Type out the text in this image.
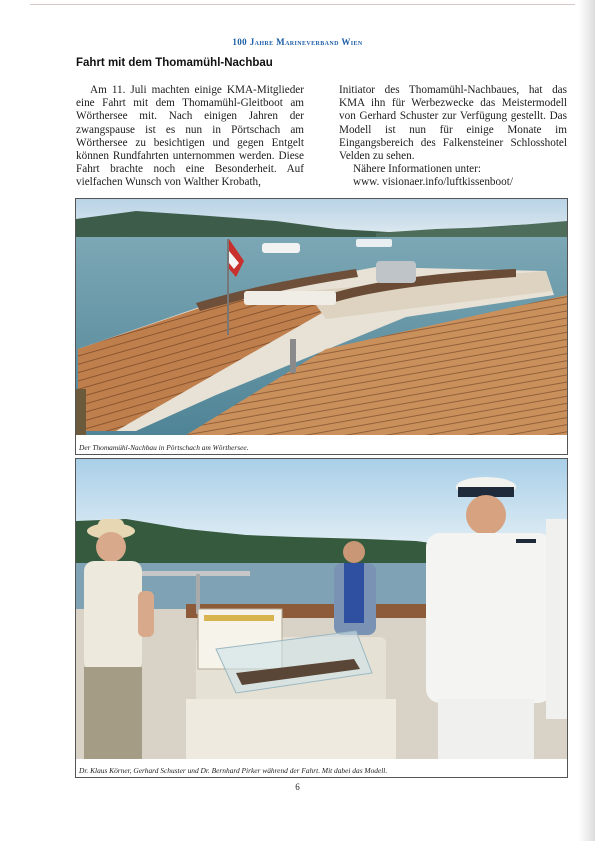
100 Jahre Marineverband Wien
Fahrt mit dem Thomamühl-Nachbau

Am 11. Juli machten einige KMA-Mitglieder eine Fahrt mit dem Thomamühl-Gleitboot am Wörthersee mit. Nach einigen Jahren der zwangspause ist es nun in Pörtschach am Wörthersee zu besichtigen und gegen Entgelt können Rundfahrten unternommen werden. Diese Fahrt brachte noch eine Besonderheit. Auf vielfachen Wunsch von Walther Krobath,

Initiator des Thomamühl-Nachbaues, hat das KMA ihn für Werbezwecke das Meistermodell von Gerhard Schuster zur Verfügung gestellt. Das Modell ist nun für einige Monate im Eingangsbereich des Falkensteiner Schlosshotel Velden zu sehen.

Nähere Informationen unter:

www. visionaer.info/luftkissenboot/

Der Thomamühl-Nachbau in Pörtschach am Wörthersee.
Dr. Klaus Körner, Gerhard Schuster und Dr. Bernhard Pirker während der Fahrt. Mit dabei das Modell.
6
